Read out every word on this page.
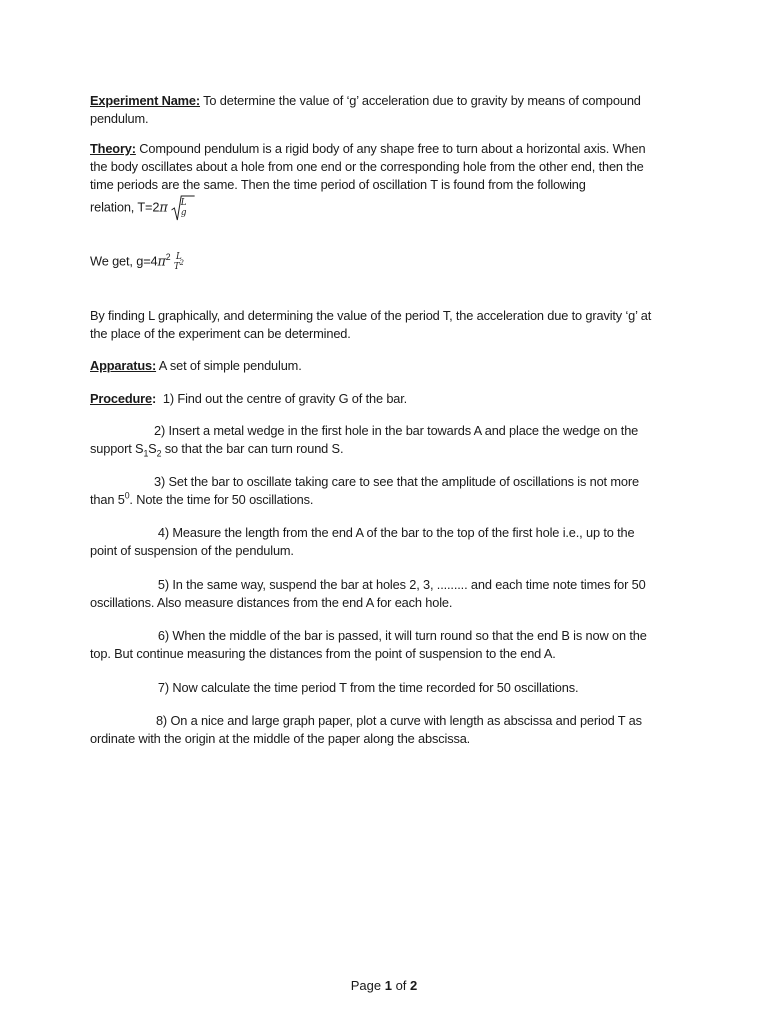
Experiment Name: To determine the value of ‘g’ acceleration due to gravity by means of compound pendulum.
Theory: Compound pendulum is a rigid body of any shape free to turn about a horizontal axis. When the body oscillates about a hole from one end or the corresponding hole from the other end, then the time periods are the same. Then the time period of oscillation T is found from the following
relation, T=2π L
g
We get, $g=4\pi^2$ L
$T^2$
By finding L graphically, and determining the value of the period T, the acceleration due to gravity ‘g’ at the place of the experiment can be determined.
Apparatus: A set of simple pendulum.
Procedure: 1) Find out the centre of gravity G of the bar.
2) Insert a metal wedge in the first hole in the bar towards A and place the wedge on the support $S_1S_2$ so that the bar can turn round S.
3) Set the bar to oscillate taking care to see that the amplitude of oscillations is not more than $5^0$. Note the time for 50 oscillations.
4) Measure the length from the end A of the bar to the top of the first hole i.e., up to the point of suspension of the pendulum.
5) In the same way, suspend the bar at holes 2, 3, ......... and each time note times for 50 oscillations. Also measure distances from the end A for each hole.
6) When the middle of the bar is passed, it will turn round so that the end B is now on the top. But continue measuring the distances from the point of suspension to the end A.
7) Now calculate the time period T from the time recorded for 50 oscillations.
8) On a nice and large graph paper, plot a curve with length as abscissa and period T as ordinate with the origin at the middle of the paper along the abscissa.
Page 1 of 2
